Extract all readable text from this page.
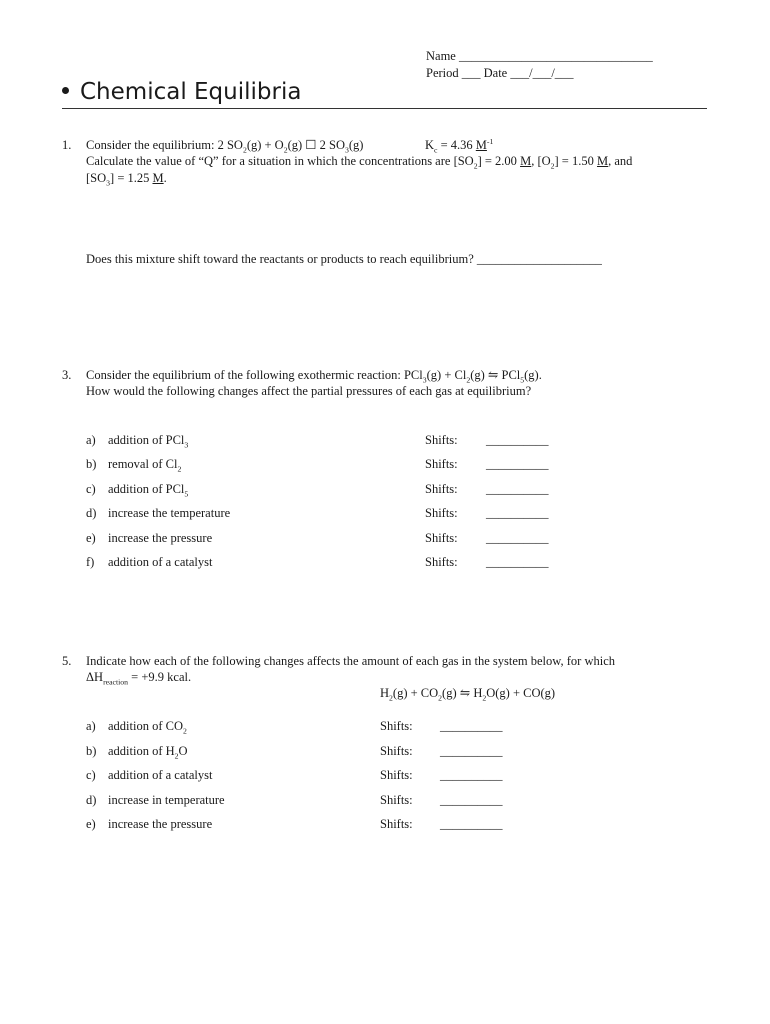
Name _______________________________
Period ___ Date ___/___/___
Chemical Equilibria
1. Consider the equilibrium: 2 $SO_2(g) + O_2(g)$ ☐ 2 $SO_3(g)$	$K_c = 4.36$ $M^{-1}$
Calculate the value of “Q” for a situation in which the concentrations are $[SO_2] = 2.00$ M, $[O_2] = 1.50$ M, and
$[SO_3] = 1.25$ M.
Does this mixture shift toward the reactants or products to reach equilibrium? ____________________
3. Consider the equilibrium of the following exothermic reaction: $PCl_3(g) + Cl_2(g)$ ⇋ PCl$_5$(g).
How would the following changes affect the partial pressures of each gas at equilibrium?
a) addition of PCl$_3$	Shifts: __________
b) removal of $Cl_2$	Shifts: __________
c) addition of PCl$_5$	Shifts: __________
d) increase the temperature	Shifts: __________
e) increase the pressure	Shifts: __________
f) addition of a catalyst	Shifts: __________
5. Indicate how each of the following changes affects the amount of each gas in the system below, for which
$\Delta H_{reaction} = +9.9$ kcal.
$H_2(g) + CO_2(g)$ ⇋ $H_2O(g) + CO(g)$
a) addition of $CO_2$	Shifts: __________
b) addition of $H_2O$	Shifts: __________
c) addition of a catalyst	Shifts: __________
d) increase in temperature	Shifts: __________
e) increase the pressure	Shifts: __________
